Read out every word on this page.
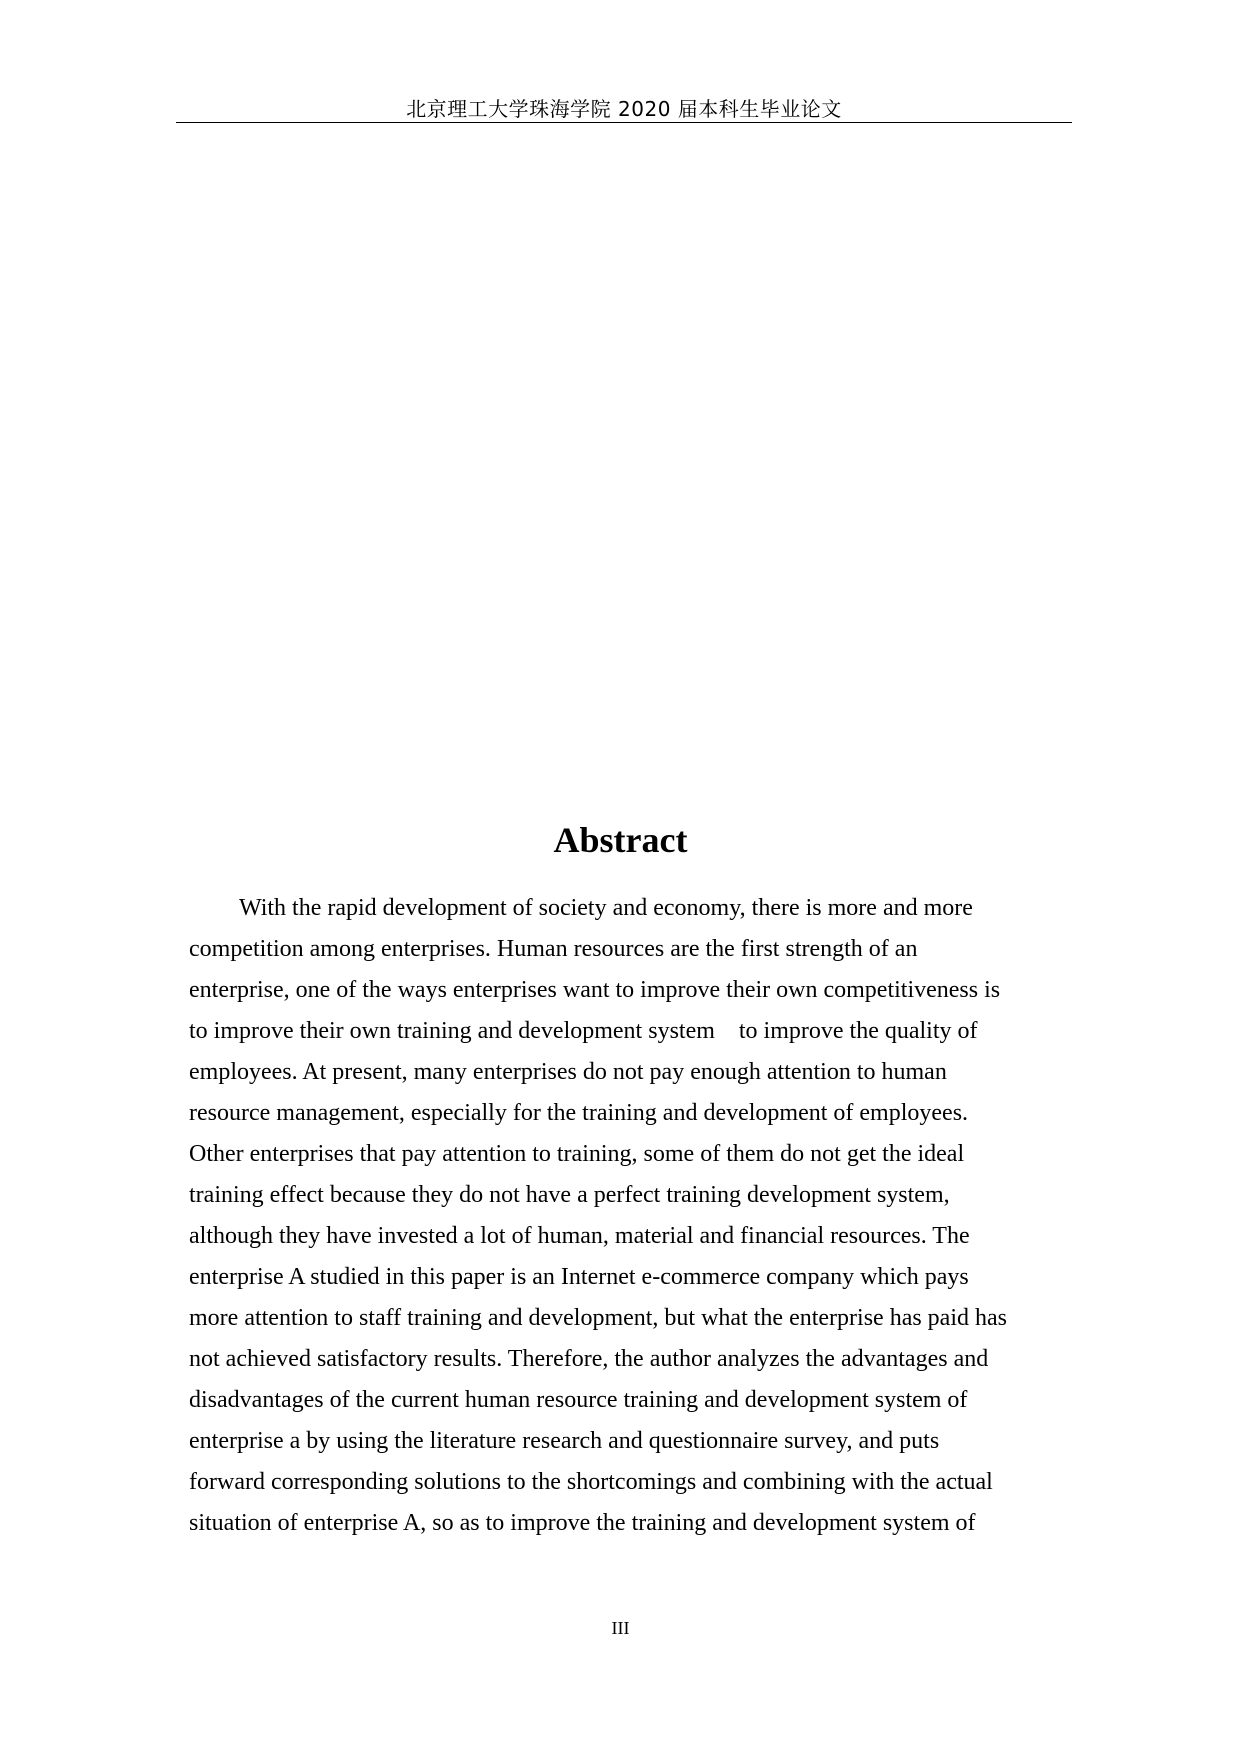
北京理工大学珠海学院 2020 届本科生毕业论文
Abstract
With the rapid development of society and economy, there is more and more
competition among enterprises. Human resources are the first strength of an
enterprise, one of the ways enterprises want to improve their own competitiveness is
to improve their own training and development system    to improve the quality of
employees. At present, many enterprises do not pay enough attention to human
resource management, especially for the training and development of employees.
Other enterprises that pay attention to training, some of them do not get the ideal
training effect because they do not have a perfect training development system,
although they have invested a lot of human, material and financial resources. The
enterprise A studied in this paper is an Internet e-commerce company which pays
more attention to staff training and development, but what the enterprise has paid has
not achieved satisfactory results. Therefore, the author analyzes the advantages and
disadvantages of the current human resource training and development system of
enterprise a by using the literature research and questionnaire survey, and puts
forward corresponding solutions to the shortcomings and combining with the actual
situation of enterprise A, so as to improve the training and development system of
III
